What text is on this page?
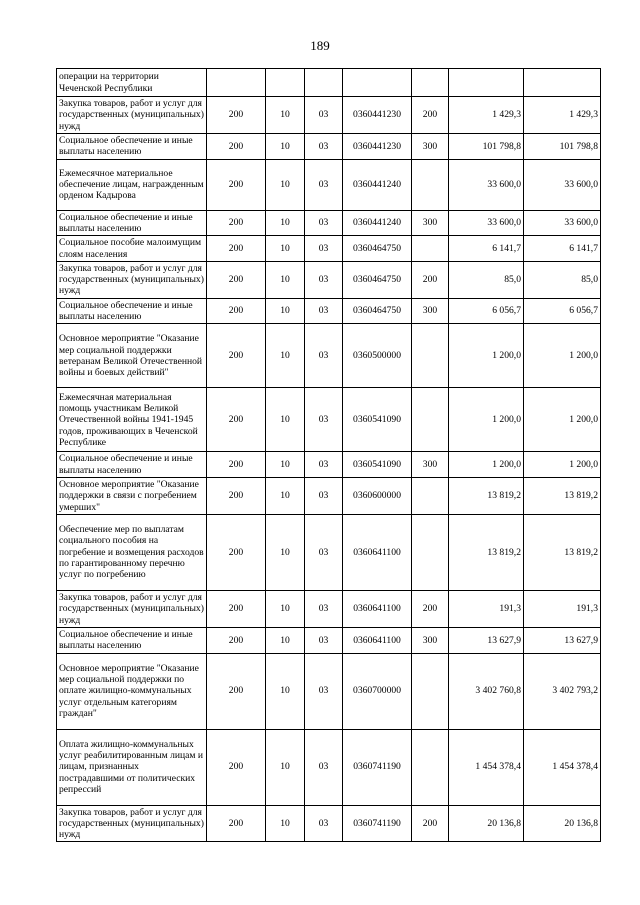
189
операции на территории Чеченской Республики							
Закупка товаров, работ и услуг для государственных (муниципальных) нужд	200	10	03	0360441230	200	1 429,3	1 429,3
Социальное обеспечение и иные выплаты населению	200	10	03	0360441230	300	101 798,8	101 798,8
Ежемесячное материальное обеспечение лицам, награжденным орденом Кадырова	200	10	03	0360441240		33 600,0	33 600,0
Социальное обеспечение и иные выплаты населению	200	10	03	0360441240	300	33 600,0	33 600,0
Социальное пособие малоимущим слоям населения	200	10	03	0360464750		6 141,7	6 141,7
Закупка товаров, работ и услуг для государственных (муниципальных) нужд	200	10	03	0360464750	200	85,0	85,0
Социальное обеспечение и иные выплаты населению	200	10	03	0360464750	300	6 056,7	6 056,7
Основное мероприятие "Оказание мер социальной поддержки ветеранам Великой Отечественной войны и боевых действий"	200	10	03	0360500000		1 200,0	1 200,0
Ежемесячная материальная помощь участникам Великой Отечественной войны 1941-1945 годов, проживающих в Чеченской Республике	200	10	03	0360541090		1 200,0	1 200,0
Социальное обеспечение и иные выплаты населению	200	10	03	0360541090	300	1 200,0	1 200,0
Основное мероприятие "Оказание поддержки в связи с погребением умерших"	200	10	03	0360600000		13 819,2	13 819,2
Обеспечение мер по выплатам социального пособия на погребение и возмещения расходов по гарантированному перечню услуг по погребению	200	10	03	0360641100		13 819,2	13 819,2
Закупка товаров, работ и услуг для государственных (муниципальных) нужд	200	10	03	0360641100	200	191,3	191,3
Социальное обеспечение и иные выплаты населению	200	10	03	0360641100	300	13 627,9	13 627,9
Основное мероприятие "Оказание мер социальной поддержки по оплате жилищно-коммунальных услуг отдельным категориям граждан"	200	10	03	0360700000		3 402 760,8	3 402 793,2
Оплата жилищно-коммунальных услуг реабилитированным лицам и лицам, признанных пострадавшими от политических репрессий	200	10	03	0360741190		1 454 378,4	1 454 378,4
Закупка товаров, работ и услуг для государственных (муниципальных) нужд	200	10	03	0360741190	200	20 136,8	20 136,8
